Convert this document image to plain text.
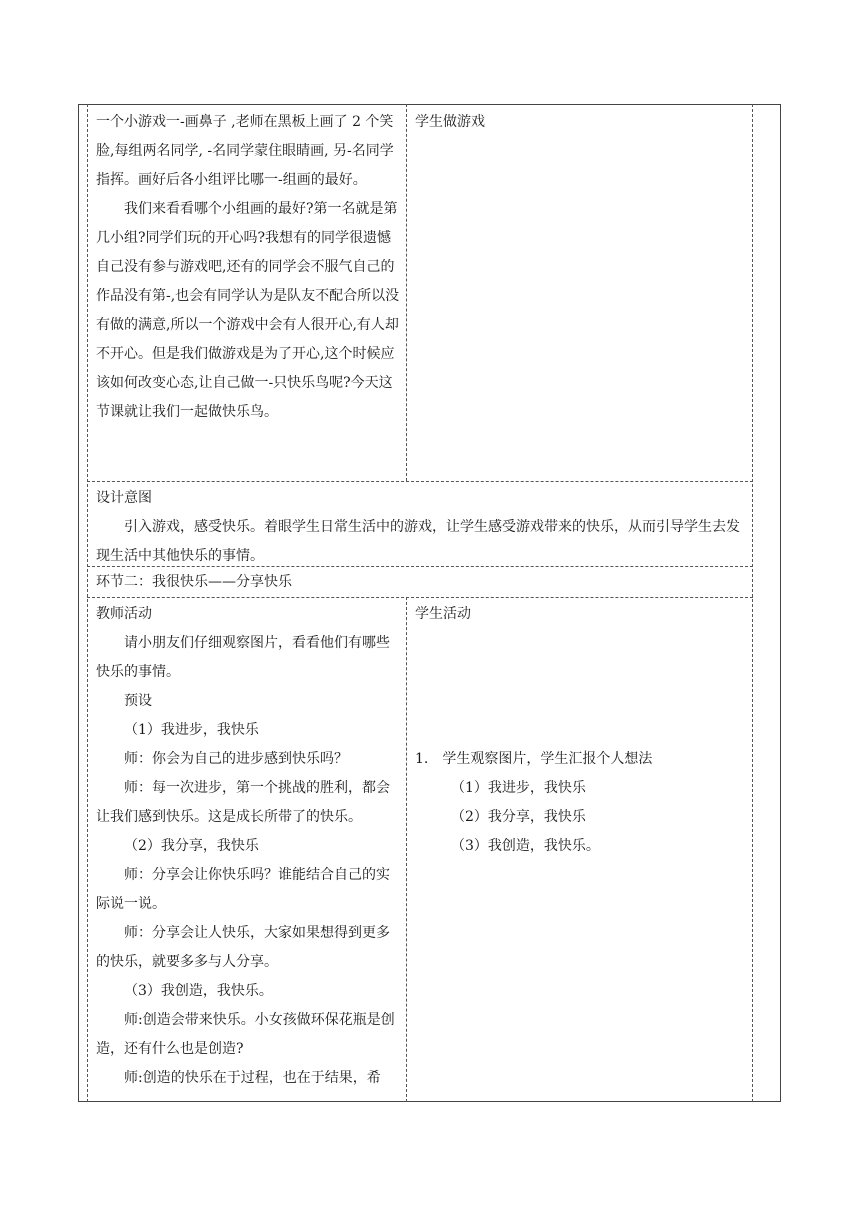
一个小游戏一-画鼻子 ,老师在黑板上画了 2 个笑脸,每组两名同学, -名同学蒙住眼睛画, 另-名同学指挥。画好后各小组评比哪一-组画的最好。

我们来看看哪个小组画的最好?第一名就是第几小组?同学们玩的开心吗?我想有的同学很遗憾自己没有参与游戏吧,还有的同学会不服气自己的作品没有第-,也会有同学认为是队友不配合所以没有做的满意,所以一个游戏中会有人很开心,有人却不开心。但是我们做游戏是为了开心,这个时候应该如何改变心态,让自己做一-只快乐鸟呢?今天这节课就让我们一起做快乐鸟。

学生做游戏

设计意图

引入游戏，感受快乐。着眼学生日常生活中的游戏，让学生感受游戏带来的快乐，从而引导学生去发现生活中其他快乐的事情。

环节二：我很快乐——分享快乐

教师活动

请小朋友们仔细观察图片，看看他们有哪些快乐的事情。

预设

（1）我进步，我快乐

师：你会为自己的进步感到快乐吗？

师：每一次进步，第一个挑战的胜利，都会让我们感到快乐。这是成长所带了的快乐。

（2）我分享，我快乐

师：分享会让你快乐吗？谁能结合自己的实际说一说。

师：分享会让人快乐，大家如果想得到更多的快乐，就要多多与人分享。

（3）我创造，我快乐。

师:创造会带来快乐。小女孩做环保花瓶是创造，还有什么也是创造?

师:创造的快乐在于过程，也在于结果，希

学生活动

1. 学生观察图片，学生汇报个人想法

（1）我进步，我快乐

（2）我分享，我快乐

（3）我创造，我快乐。
